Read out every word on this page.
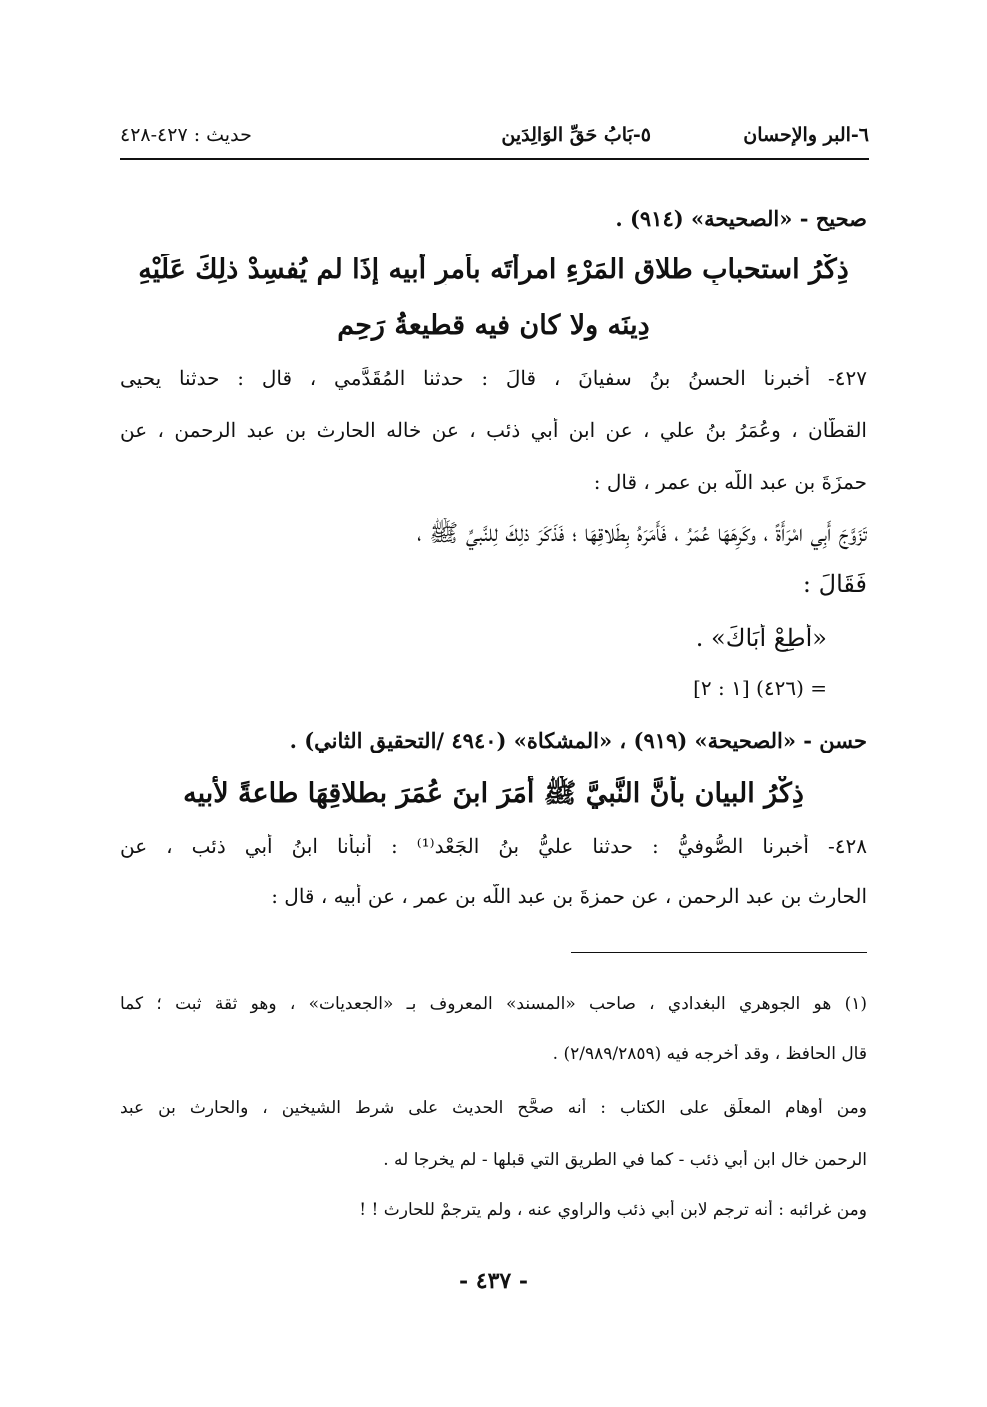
٦-البر والإحسان
٥-بَابُ حَقِّ الوَالِدَين
حديث : ٤٢٧-٤٢٨
صحيح - «الصحيحة» (٩١٤) .
ذِكْرُ استحبابِ طلاقِ المَرْءِ امرأتَه بأمرِ أبيه إذَا لم يُفسِدْ ذلِكَ عَلَيْهِ
دِينَه ولا كان فيه قطيعةُ رَحِمٍ
٤٢٧- أخبرنا الحسنُ بنُ سفيانَ ، قالَ : حدثنا المُقَدَّمي ، قال : حدثنا يحيى
القطَّان ، وعُمَرُ بنُ علي ، عن ابنِ أبي ذئب ، عن خاله الحارث بنِ عبد الرحمن ، عن
حمزَةَ بنِ عبد اللّه بن عمر ، قال :
تَزَوَّجَ أَبِي امْرَأَةً ، وكَرِهَهَا عُمَرُ ، فَأَمَرَهُ بِطَلاقِهَا ؛ فَذَكَرَ ذلِكَ لِلنَّبيِّ ﷺ ،
فَقَالَ :
«أَطِعْ أَبَاكَ» .
= (٤٢٦) [١ : ٢]
حسن - «الصحيحة» (٩١٩) ، «المشكاة» (٤٩٤٠ /التحقيق الثاني) .
ذِكْرُ البيان بأنَّ النَّبيَّ ﷺ أَمَرَ ابنَ عُمَرَ بطلاقِهَا طاعةً لأبيه
٤٢٨- أخبرنا الصُّوفيُّ : حدثنا عليُّ بنُ الجَعْد⁽¹⁾ : أنبأنا ابنُ أبي ذئب ، عن
الحارث بنِ عبد الرحمن ، عن حمزةَ بن عبد اللّه بن عمر ، عن أبيه ، قال :
(١) هو الجوهري البغدادي ، صاحب «المسند» المعروف بـ «الجعديات» ، وهو ثقة ثبت ؛ كما
قال الحافظ ، وقد أخرجه فيه (٢/٩٨٩/٢٨٥٩) .
ومن أوهام المعلِّق على الكتاب : أنه صحَّح الحديث على شرط الشيخين ، والحارث بن عبد
الرحمن خال ابن أبي ذئب - كما في الطريق التي قبلها - لم يخرجا له .
ومن غرائبه : أنه ترجم لابن أبي ذئب والراوي عنه ، ولم يترجمْ للحارث ! !
- ٤٣٧ -
